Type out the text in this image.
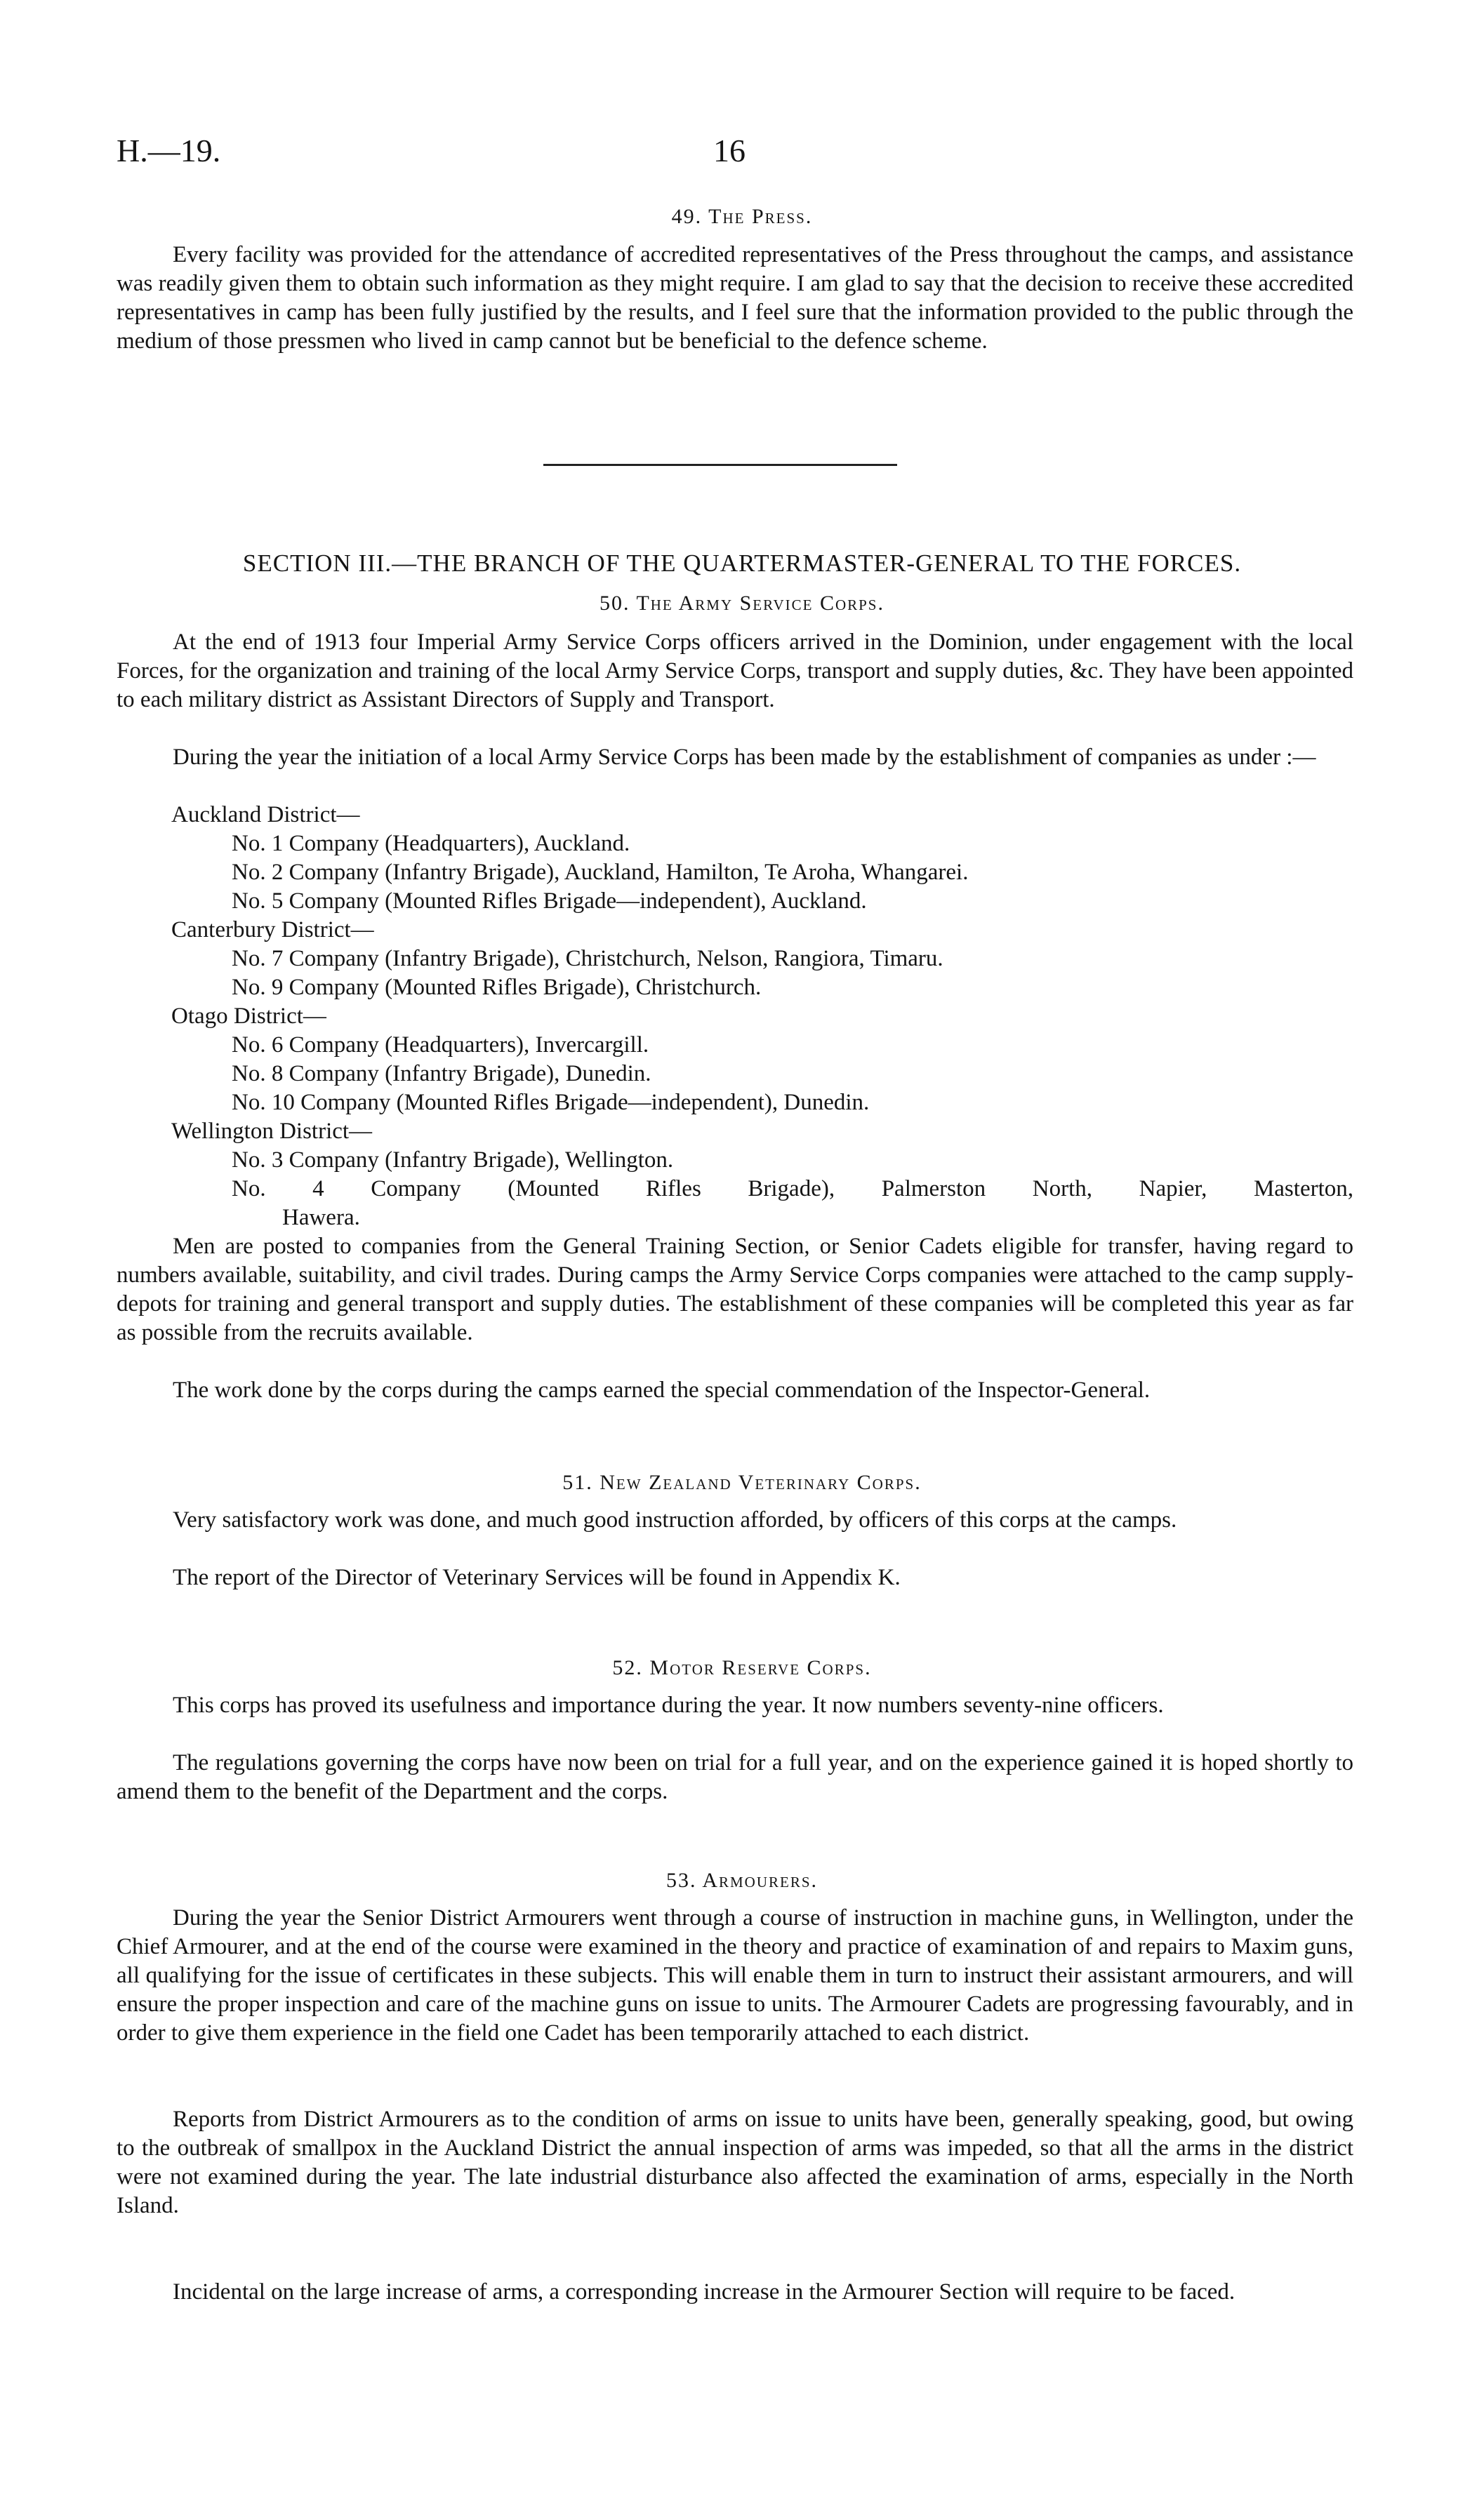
H.—19.	16

49. The Press.

Every facility was provided for the attendance of accredited representatives of the Press throughout the camps, and assistance was readily given them to obtain such information as they might require. I am glad to say that the decision to receive these accredited representatives in camp has been fully justified by the results, and I feel sure that the information provided to the public through the medium of those pressmen who lived in camp cannot but be beneficial to the defence scheme.

SECTION III.—THE BRANCH OF THE QUARTERMASTER-GENERAL TO THE FORCES.

50. The Army Service Corps.

At the end of 1913 four Imperial Army Service Corps officers arrived in the Dominion, under engagement with the local Forces, for the organization and training of the local Army Service Corps, transport and supply duties, &c. They have been appointed to each military district as Assistant Directors of Supply and Transport.

During the year the initiation of a local Army Service Corps has been made by the establishment of companies as under :—

Auckland District—

No. 1 Company (Headquarters), Auckland.

No. 2 Company (Infantry Brigade), Auckland, Hamilton, Te Aroha, Whangarei.

No. 5 Company (Mounted Rifles Brigade—independent), Auckland.

Canterbury District—

No. 7 Company (Infantry Brigade), Christchurch, Nelson, Rangiora, Timaru.

No. 9 Company (Mounted Rifles Brigade), Christchurch.

Otago District—

No. 6 Company (Headquarters), Invercargill.

No. 8 Company (Infantry Brigade), Dunedin.

No. 10 Company (Mounted Rifles Brigade—independent), Dunedin.

Wellington District—

No. 3 Company (Infantry Brigade), Wellington.

No. 4 Company (Mounted Rifles Brigade), Palmerston North, Napier, Masterton,

Hawera.

Men are posted to companies from the General Training Section, or Senior Cadets eligible for transfer, having regard to numbers available, suitability, and civil trades. During camps the Army Service Corps companies were attached to the camp supply-depots for training and general transport and supply duties. The establishment of these companies will be completed this year as far as possible from the recruits available.

The work done by the corps during the camps earned the special commendation of the Inspector-General.

51. New Zealand Veterinary Corps.

Very satisfactory work was done, and much good instruction afforded, by officers of this corps at the camps.

The report of the Director of Veterinary Services will be found in Appendix K.

52. Motor Reserve Corps.

This corps has proved its usefulness and importance during the year. It now numbers seventy-nine officers.

The regulations governing the corps have now been on trial for a full year, and on the experience gained it is hoped shortly to amend them to the benefit of the Department and the corps.

53. Armourers.

During the year the Senior District Armourers went through a course of instruction in machine guns, in Wellington, under the Chief Armourer, and at the end of the course were examined in the theory and practice of examination of and repairs to Maxim guns, all qualifying for the issue of certificates in these subjects. This will enable them in turn to instruct their assistant armourers, and will ensure the proper inspection and care of the machine guns on issue to units. The Armourer Cadets are progressing favourably, and in order to give them experience in the field one Cadet has been temporarily attached to each district.

Reports from District Armourers as to the condition of arms on issue to units have been, generally speaking, good, but owing to the outbreak of smallpox in the Auckland District the annual inspection of arms was impeded, so that all the arms in the district were not examined during the year. The late industrial disturbance also affected the examination of arms, especially in the North Island.

Incidental on the large increase of arms, a corresponding increase in the Armourer Section will require to be faced.
